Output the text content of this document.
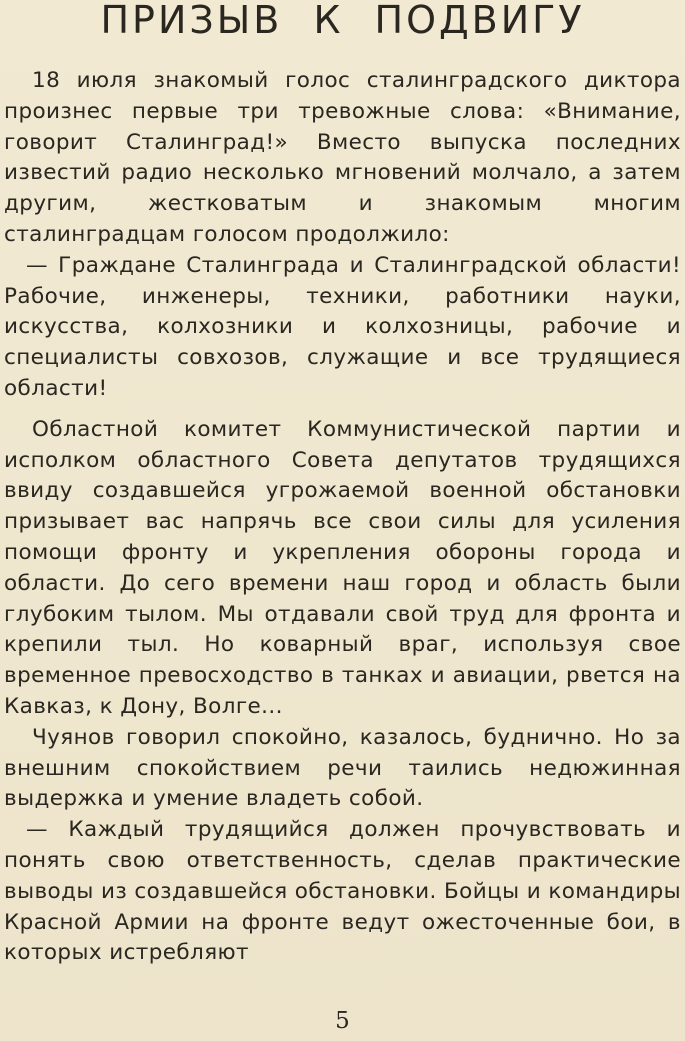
ПРИЗЫВ К ПОДВИГУ

18 июля знакомый голос сталинградского диктора произнес первые три тревожные слова: «Внимание, говорит Сталинград!» Вместо выпуска последних известий радио несколько мгновений молчало, а затем другим, жестковатым и знакомым многим сталинградцам голосом продолжило:

— Граждане Сталинграда и Сталинградской области! Рабочие, инженеры, техники, работники науки, искусства, колхозники и колхозницы, рабочие и специалисты совхозов, служащие и все трудящиеся области!

Областной комитет Коммунистической партии и исполком областного Совета депутатов трудящихся ввиду создавшейся угрожаемой военной обстановки призывает вас напрячь все свои силы для усиления помощи фронту и укрепления обороны города и области. До сего времени наш город и область были глубоким тылом. Мы отдавали свой труд для фронта и крепили тыл. Но коварный враг, используя свое временное превосходство в танках и авиации, рвется на Кавказ, к Дону, Волге...

Чуянов говорил спокойно, казалось, буднично. Но за внешним спокойствием речи таились недюжинная выдержка и умение владеть собой.

— Каждый трудящийся должен прочувствовать и понять свою ответственность, сделав практические выводы из создавшейся обстановки. Бойцы и командиры Красной Армии на фронте ведут ожесточенные бои, в которых истребляют

5
